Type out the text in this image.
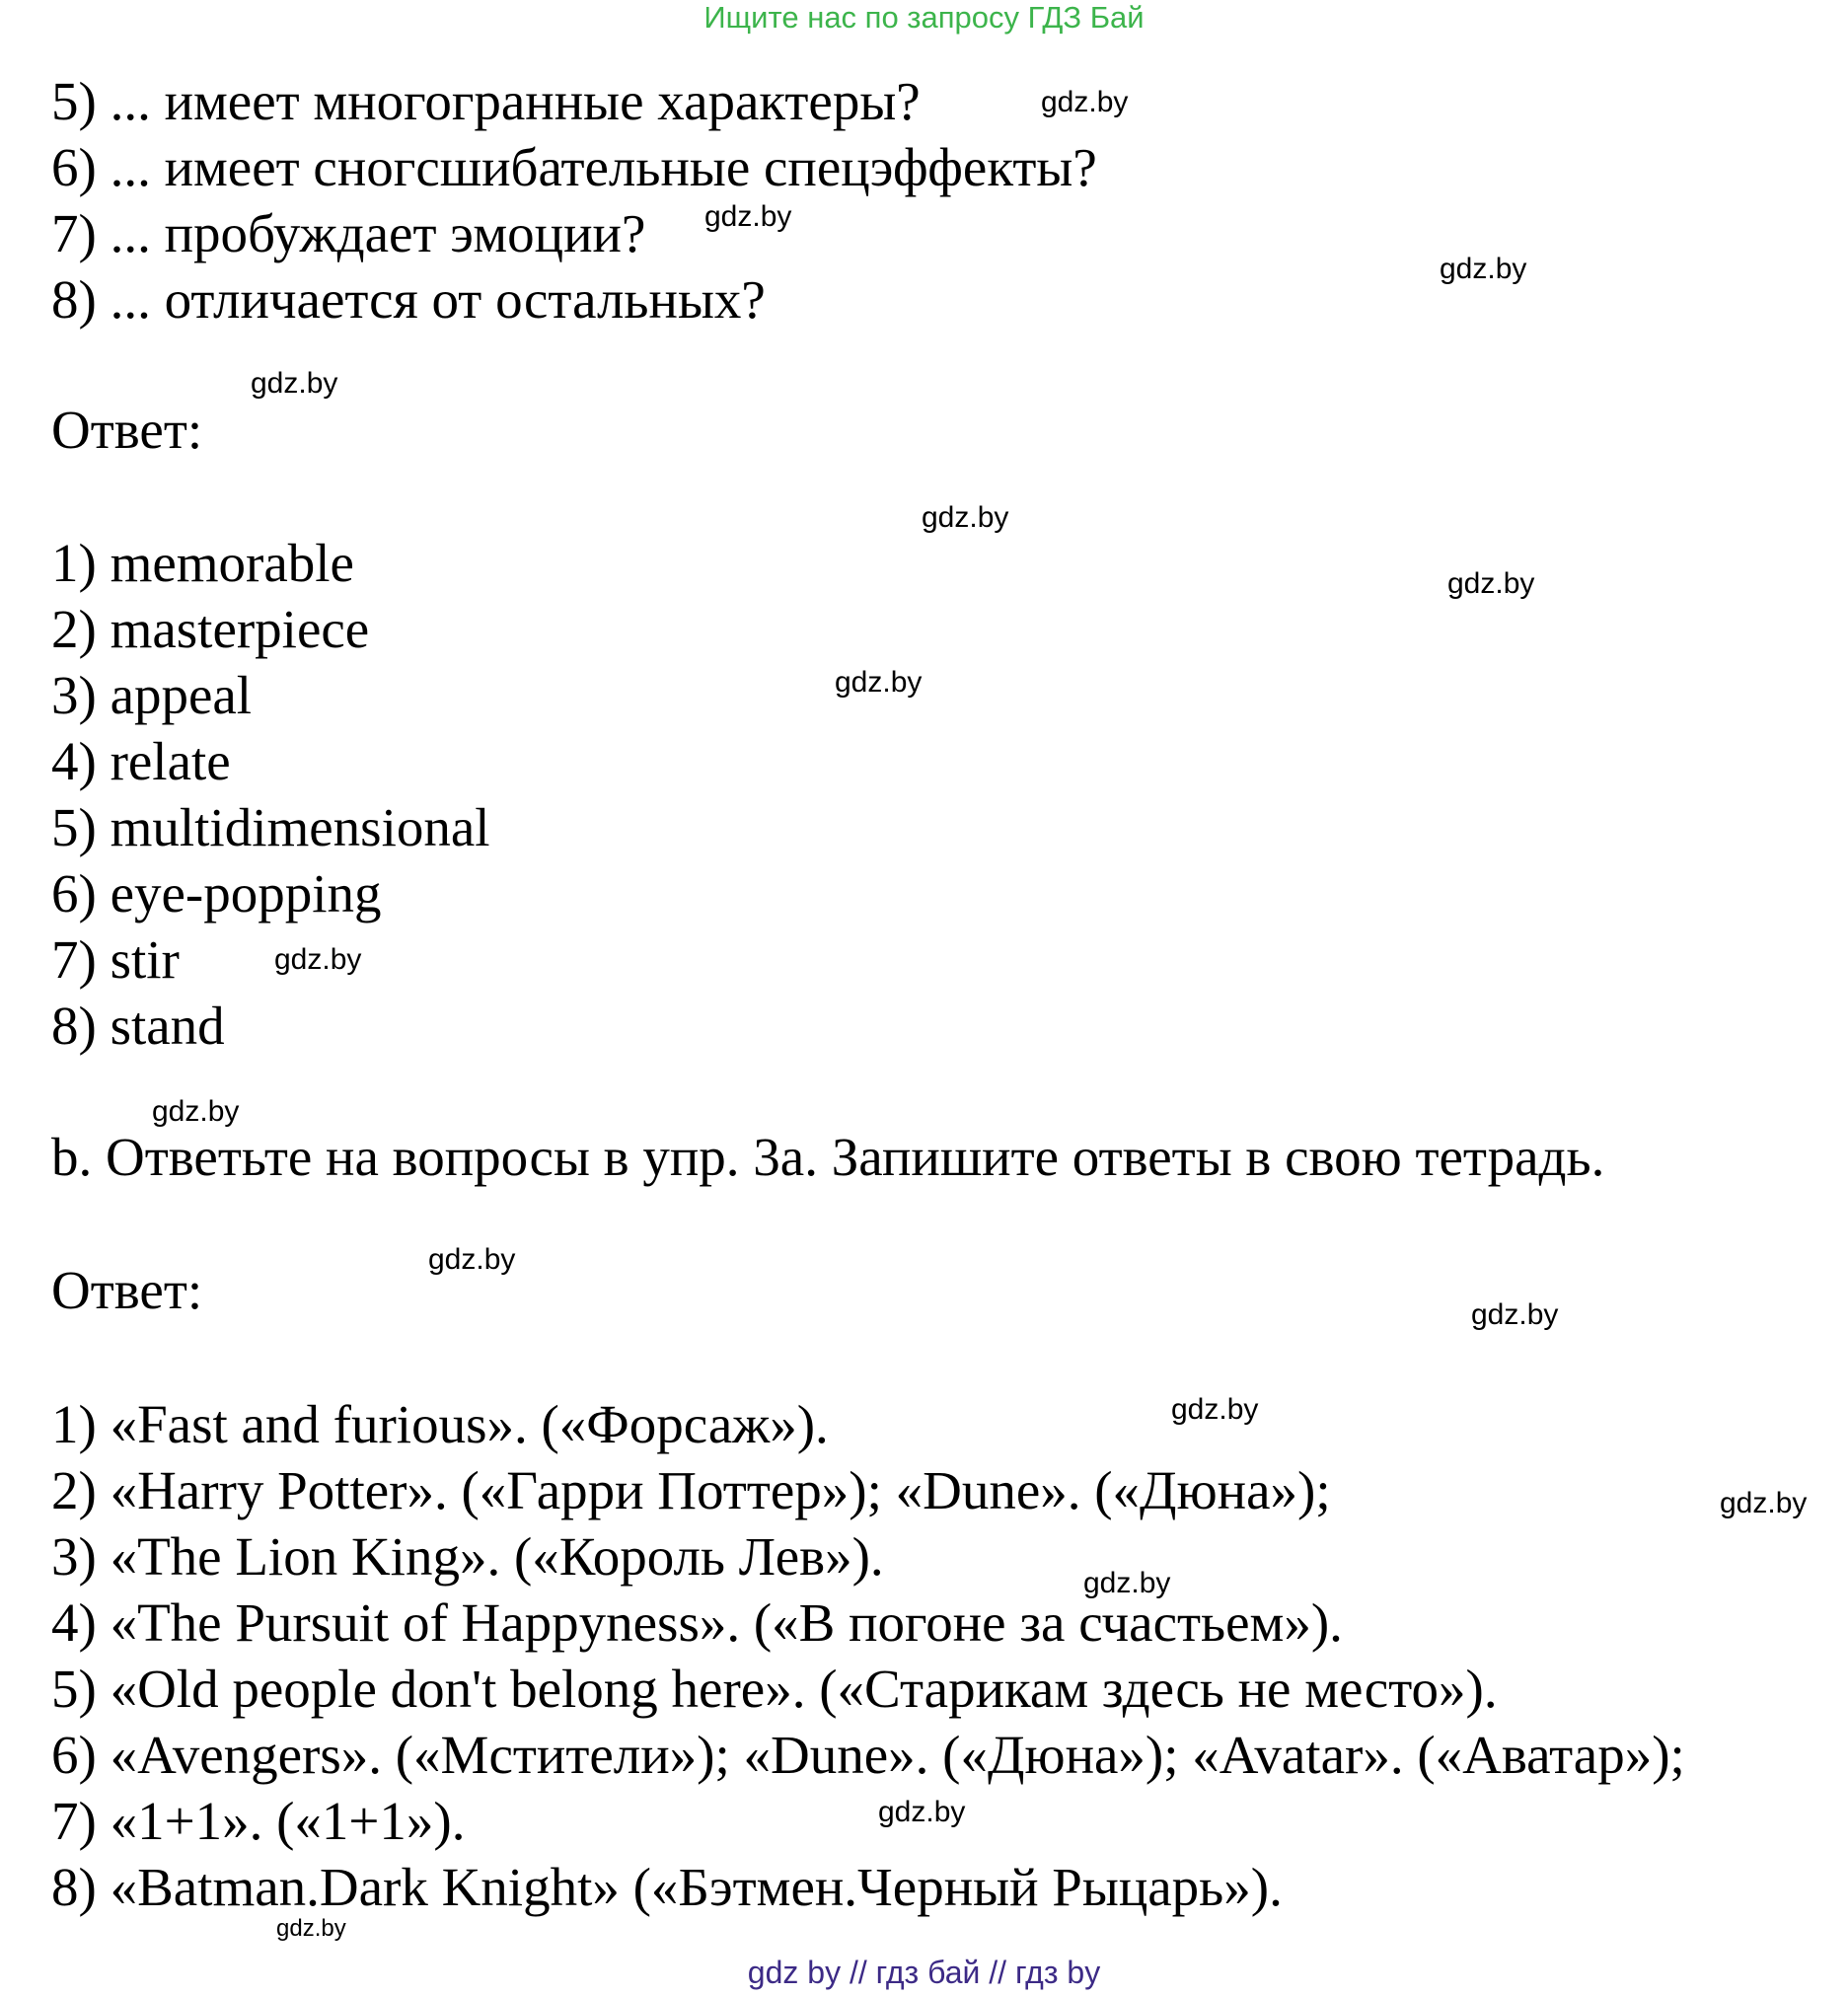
Ищите нас по запросу ГДЗ Бай
5) ... имеет многогранные характеры?
6) ... имеет сногсшибательные спецэффекты?
7) ... пробуждает эмоции?
8) ... отличается от остальных?
Ответ:
1) memorable
2) masterpiece
3) appeal
4) relate
5) multidimensional
6) eye-popping
7) stir
8) stand
b. Ответьте на вопросы в упр. 3а. Запишите ответы в свою тетрадь.
Ответ:
1) «Fast and furious». («Форсаж»).
2) «Harry Potter». («Гарри Поттер»); «Dune». («Дюна»);
3) «The Lion King». («Король Лев»).
4) «The Pursuit of Happyness». («В погоне за счастьем»).
5) «Old people don't belong here». («Старикам здесь не место»).
6) «Avengers». («Мстители»); «Dune». («Дюна»); «Avatar». («Аватар»);
7) «1+1». («1+1»).
8) «Batman.Dark Knight» («Бэтмен.Черный Рыцарь»).
gdz.by
gdz.by
gdz.by
gdz.by
gdz.by
gdz.by
gdz.by
gdz.by
gdz.by
gdz.by
gdz.by
gdz.by
gdz.by
gdz.by
gdz.by
gdz.by
gdz by // гдз бай // гдз by
